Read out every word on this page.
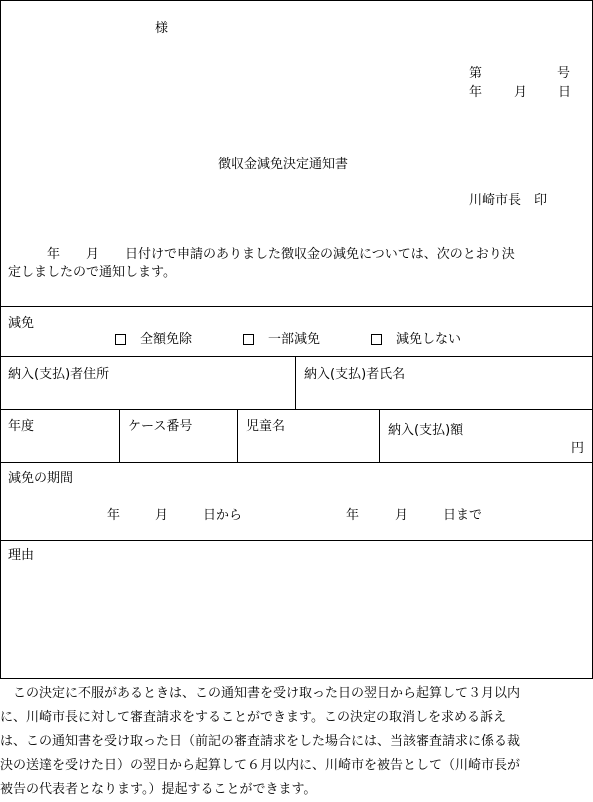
様
第	号
年 月 日
徴収金減免決定通知書
川崎市長　印
　　　年　　月　　日付けで申請のありました徴収金の減免については、次のとおり決
定しましたので通知します。
減免
全額免除	一部減免	減免しない
納入(支払)者住所	納入(支払)者氏名
年度	ケース番号	児童名	納入(支払)額
円
減免の期間
年	月	日から	年	月	日まで
理由

　この決定に不服があるときは、この通知書を受け取った日の翌日から起算して３月以内

に、川崎市長に対して審査請求をすることができます。この決定の取消しを求める訴え

は、この通知書を受け取った日（前記の審査請求をした場合には、当該審査請求に係る裁

決の送達を受けた日）の翌日から起算して６月以内に、川崎市を被告として（川崎市長が

被告の代表者となります。）提起することができます。
